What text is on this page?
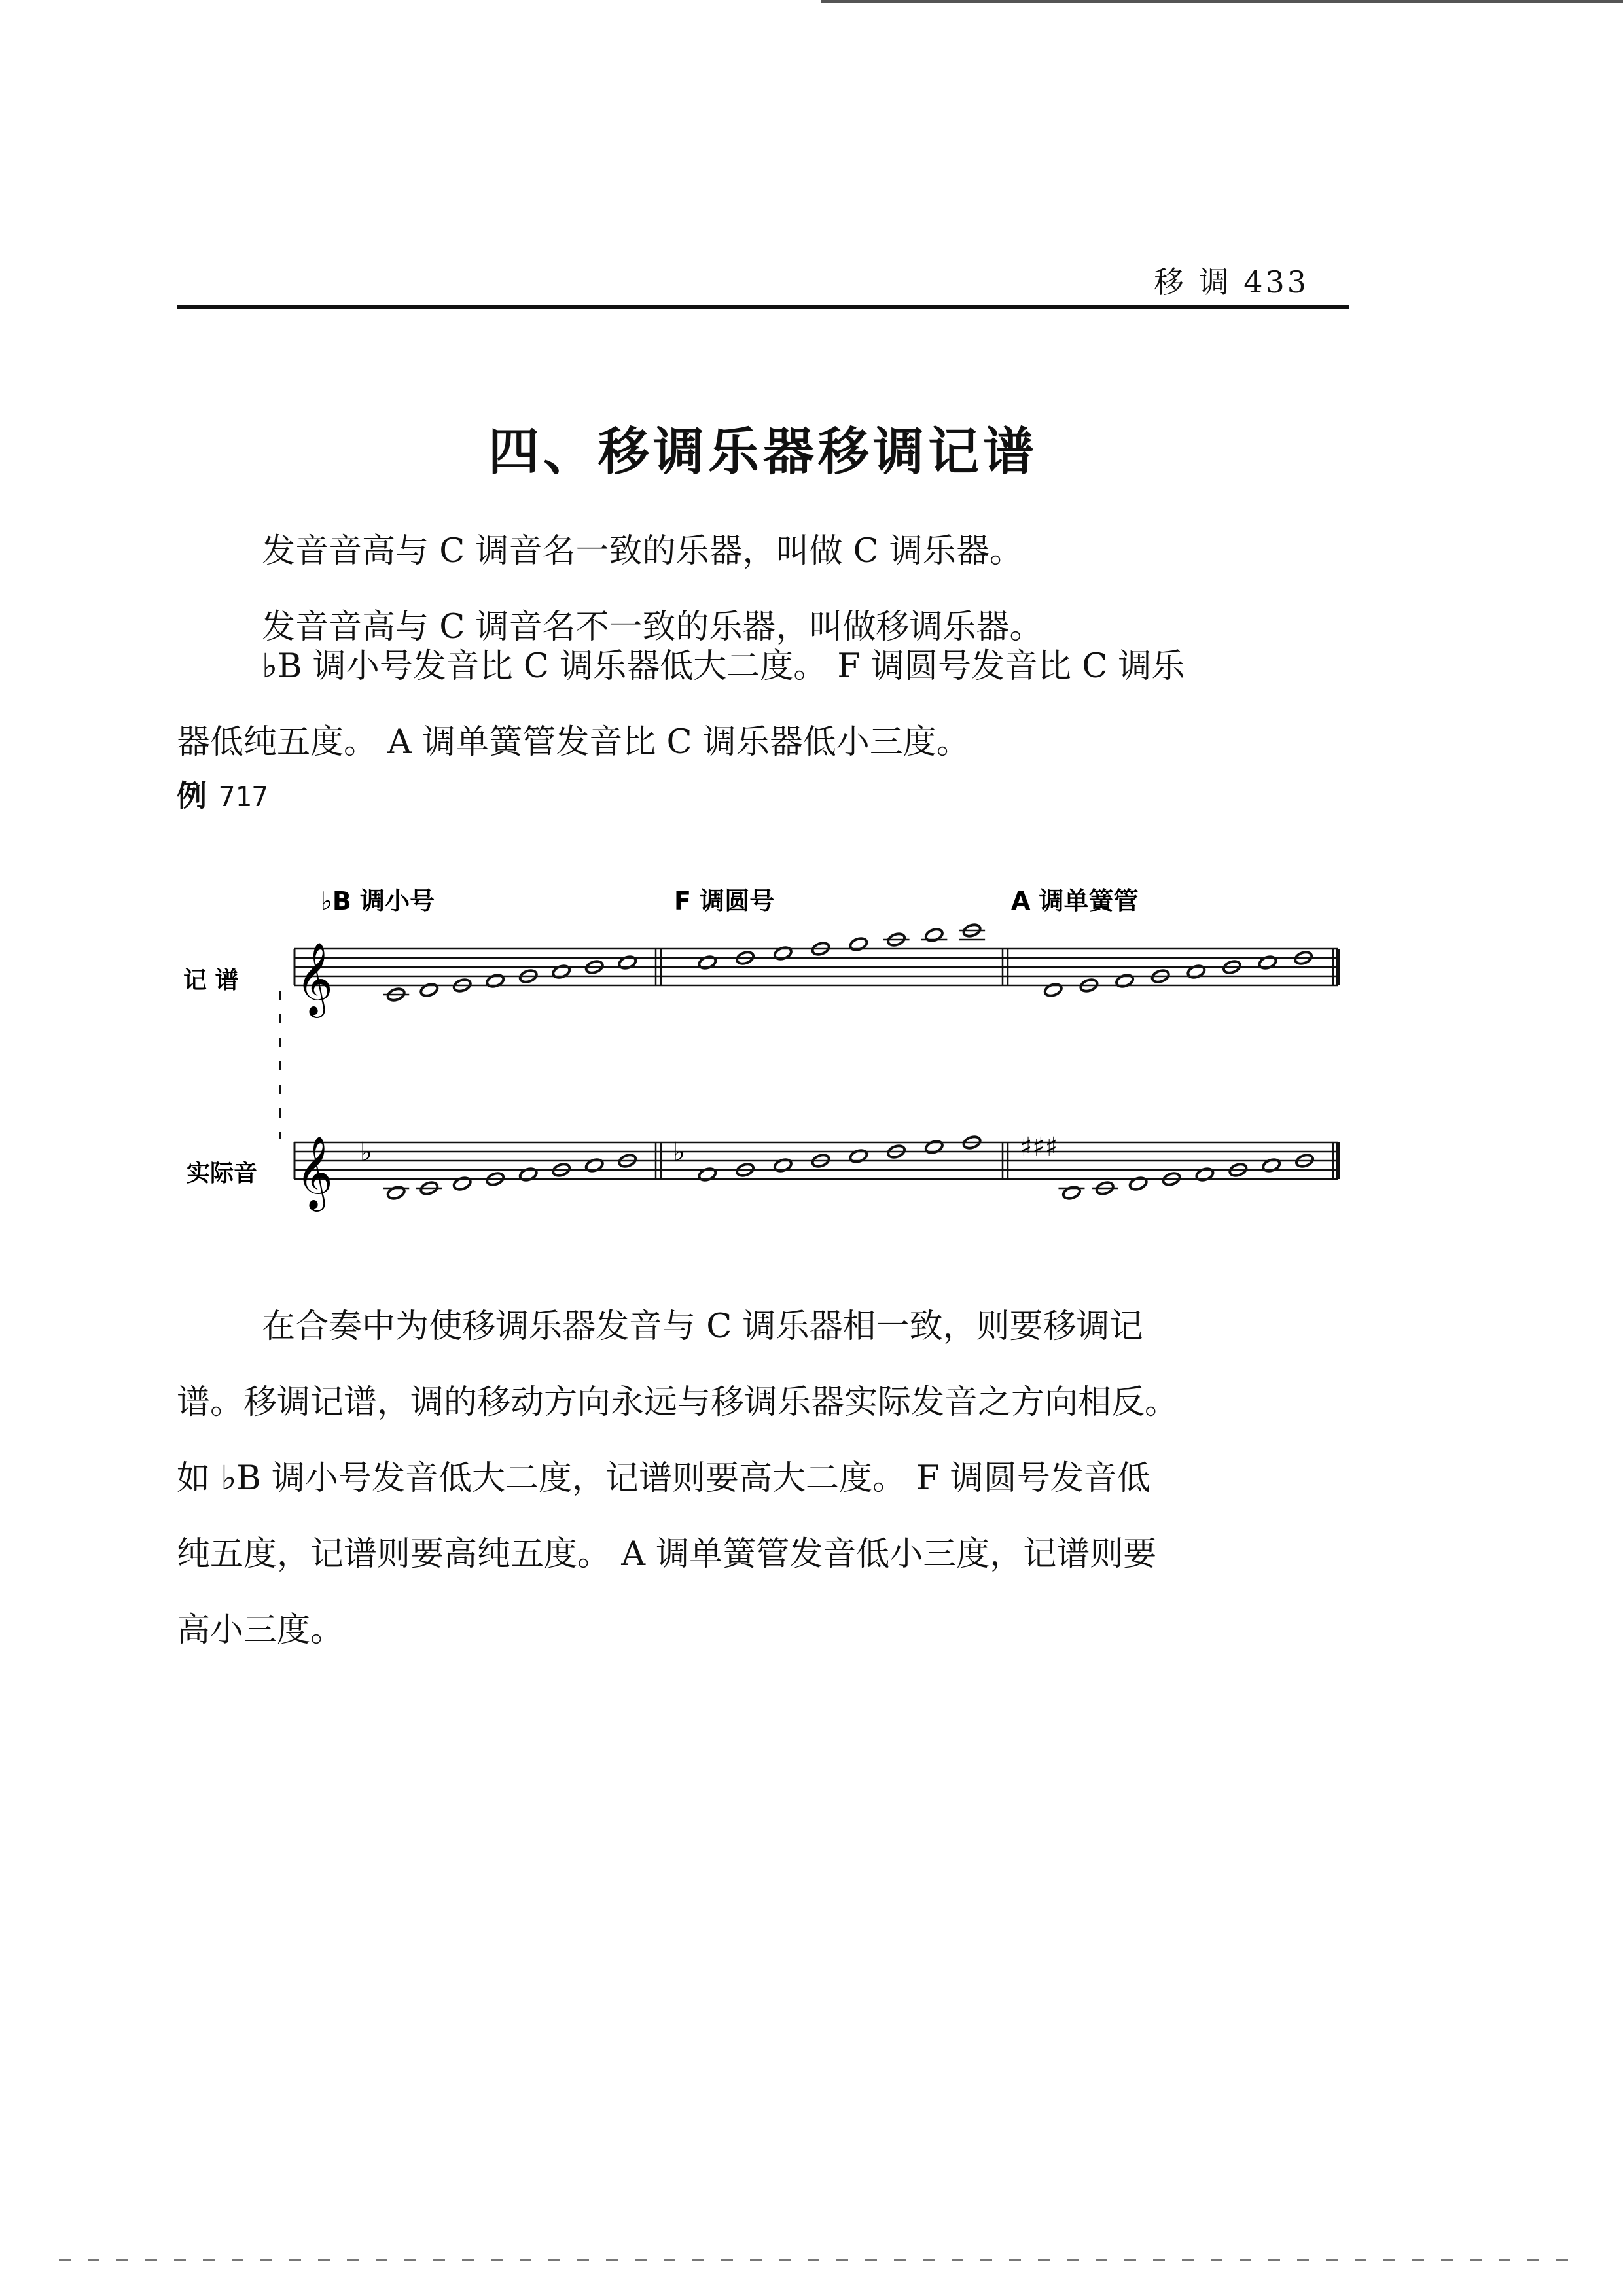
移 调 433
四、移调乐器移调记谱

发音音高与 C 调音名一致的乐器，叫做 C 调乐器。

发音音高与 C 调音名不一致的乐器，叫做移调乐器。

♭B 调小号发音比 C 调乐器低大二度。 F 调圆号发音比 C 调乐
器低纯五度。 A 调单簧管发音比 C 调乐器低小三度。

例 717
♭B 调小号	F 调圆号	A 调单簧管
记 谱
实际音
𝄞
𝄞 ♭	♭	♯♯♯

在合奏中为使移调乐器发音与 C 调乐器相一致，则要移调记
谱。移调记谱，调的移动方向永远与移调乐器实际发音之方向相反。
如 ♭B 调小号发音低大二度，记谱则要高大二度。 F 调圆号发音低
纯五度，记谱则要高纯五度。 A 调单簧管发音低小三度，记谱则要
高小三度。
